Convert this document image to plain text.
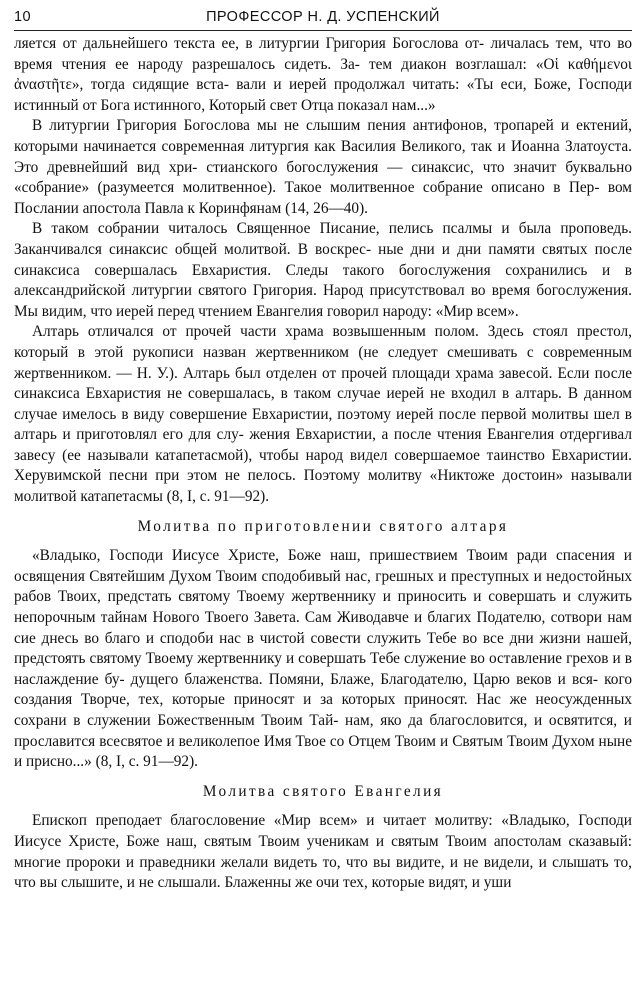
10	ПРОФЕССОР Н. Д. УСПЕНСКИЙ

ляется от дальнейшего текста ее, в литургии Григория Богослова от- личалась тем, что во время чтения ее народу разрешалось сидеть. За- тем диакон возглашал: «Οἱ καθήμενοι ἀναστῆτε», тогда сидящие вста- вали и иерей продолжал читать: «Ты еси, Боже, Господи истинный от Бога истинного, Который свет Отца показал нам...»

В литургии Григория Богослова мы не слышим пения антифонов, тропарей и ектений, которыми начинается современная литургия как Василия Великого, так и Иоанна Златоуста. Это древнейший вид хри- стианского богослужения — синаксис, что значит буквально «собрание» (разумеется молитвенное). Такое молитвенное собрание описано в Пер- вом Послании апостола Павла к Коринфянам (14, 26—40).

В таком собрании читалось Священное Писание, пелись псалмы и была проповедь. Заканчивался синаксис общей молитвой. В воскрес- ные дни и дни памяти святых после синаксиса совершалась Евхаристия. Следы такого богослужения сохранились и в александрийской литургии святого Григория. Народ присутствовал во время богослужения. Мы видим, что иерей перед чтением Евангелия говорил народу: «Мир всем».

Алтарь отличался от прочей части храма возвышенным полом. Здесь стоял престол, который в этой рукописи назван жертвенником (не следует смешивать с современным жертвенником. — Н. У.). Алтарь был отделен от прочей площади храма завесой. Если после синаксиса Евхаристия не совершалась, в таком случае иерей не входил в алтарь. В данном случае имелось в виду совершение Евхаристии, поэтому иерей после первой молитвы шел в алтарь и приготовлял его для слу- жения Евхаристии, а после чтения Евангелия отдергивал завесу (ее называли катапетасмой), чтобы народ видел совершаемое таинство Евхаристии. Херувимской песни при этом не пелось. Поэтому молитву «Никтоже достоин» называли молитвой катапетасмы (8, I, с. 91—92).

Молитва по приготовлении святого алтаря

«Владыко, Господи Иисусе Христе, Боже наш, пришествием Твоим ради спасения и освящения Святейшим Духом Твоим сподобивый нас, грешных и преступных и недостойных рабов Твоих, предстать святому Твоему жертвеннику и приносить и совершать и служить непорочным тайнам Нового Твоего Завета. Сам Живодавче и благих Подателю, сотвори нам сие днесь во благо и сподоби нас в чистой совести служить Тебе во все дни жизни нашей, предстоять святому Твоему жертвеннику и совершать Тебе служение во оставление грехов и в наслаждение бу- дущего блаженства. Помяни, Блаже, Благодателю, Царю веков и вся- кого создания Творче, тех, которые приносят и за которых приносят. Нас же неосужденных сохрани в служении Божественным Твоим Тай- нам, яко да благословится, и освятится, и прославится всесвятое и великолепое Имя Твое со Отцем Твоим и Святым Твоим Духом ныне и присно...» (8, I, с. 91—92).

Молитва святого Евангелия

Епископ преподает благословение «Мир всем» и читает молитву: «Владыко, Господи Иисусе Христе, Боже наш, святым Твоим ученикам и святым Твоим апостолам сказавый: многие пророки и праведники желали видеть то, что вы видите, и не видели, и слышать то, что вы слышите, и не слышали. Блаженны же очи тех, которые видят, и уши
